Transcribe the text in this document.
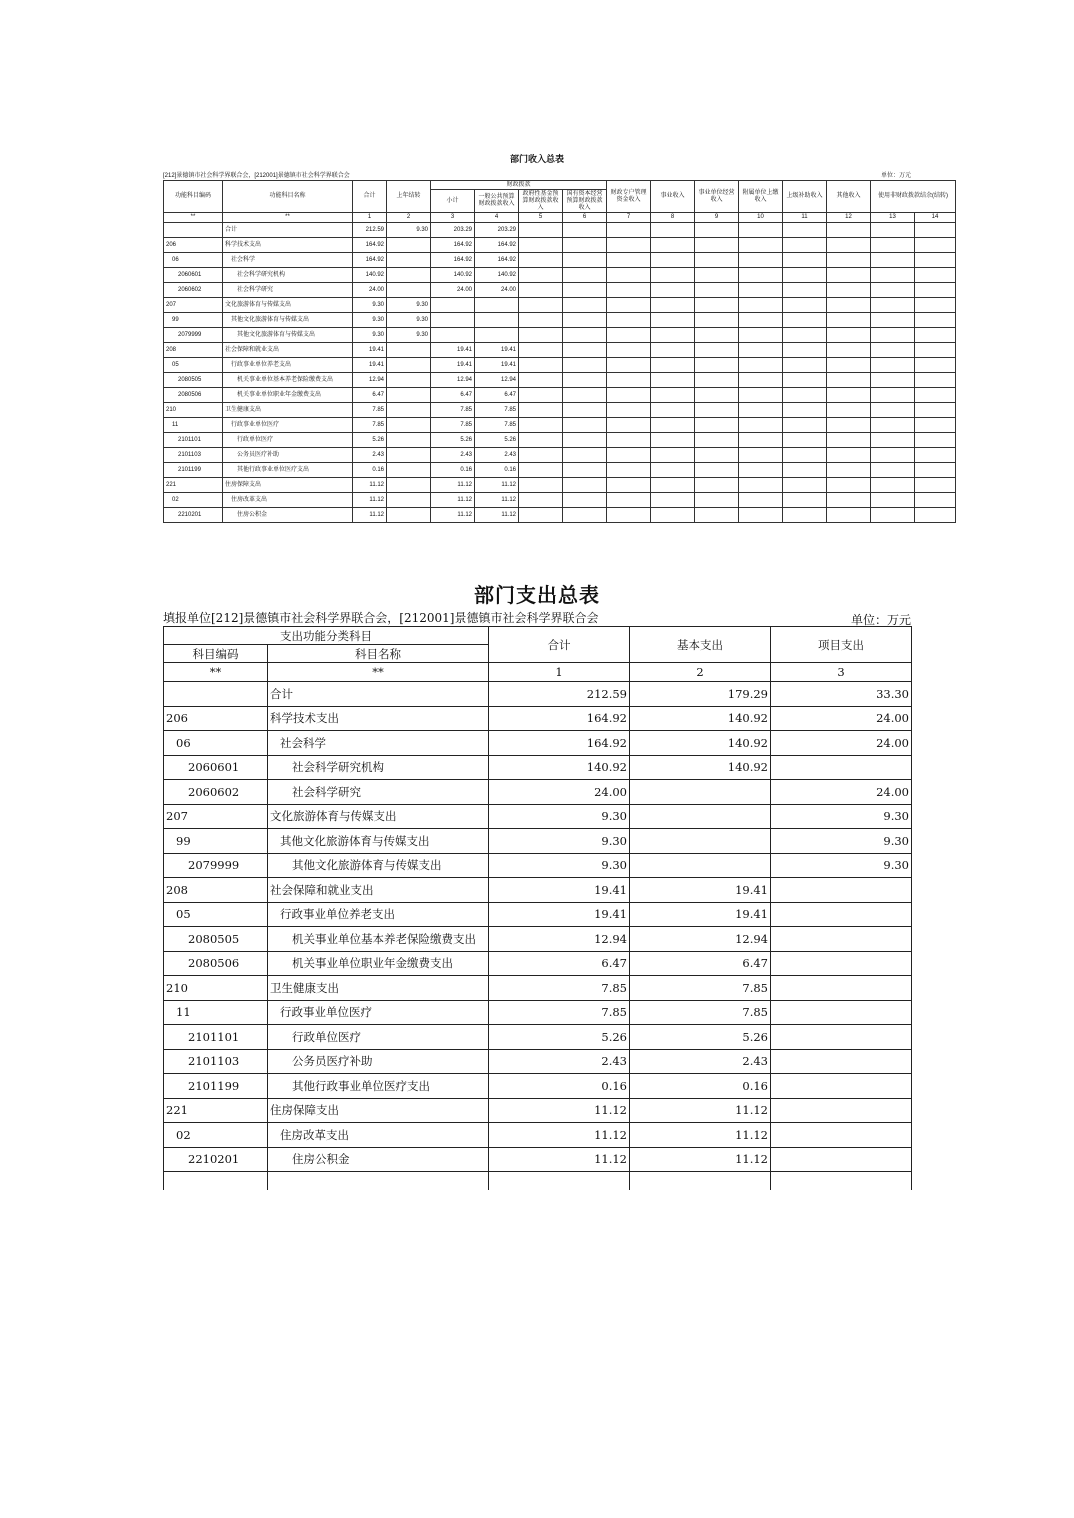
部门收入总表
[212]景德镇市社会科学界联合会，[212001]景德镇市社会科学界联合会	单位：万元
功能科目编码	功能科目名称	合计	上年结转	财政拨款				财政专户管理资金收入	事业收入	事业单位经营收入	附属单位上缴收入	上级补助收入	其他收入	使用非财政拨款结余(结转)	
				小计	一般公共预算财政拨款收入	政府性基金预算财政拨款收入	国有资本经营预算财政拨款收入								
**	**	1	2	3	4	5	6	7	8	9	10	11	12	13	14
	合计	212.59	9.30	203.29	203.29										
206	科学技术支出	164.92		164.92	164.92										
06	社会科学	164.92		164.92	164.92										
2060601	社会科学研究机构	140.92		140.92	140.92										
2060602	社会科学研究	24.00		24.00	24.00										
207	文化旅游体育与传媒支出	9.30	9.30												
99	其他文化旅游体育与传媒支出	9.30	9.30												
2079999	其他文化旅游体育与传媒支出	9.30	9.30												
208	社会保障和就业支出	19.41		19.41	19.41										
05	行政事业单位养老支出	19.41		19.41	19.41										
2080505	机关事业单位基本养老保险缴费支出	12.94		12.94	12.94										
2080506	机关事业单位职业年金缴费支出	6.47		6.47	6.47										
210	卫生健康支出	7.85		7.85	7.85										
11	行政事业单位医疗	7.85		7.85	7.85										
2101101	行政单位医疗	5.26		5.26	5.26										
2101103	公务员医疗补助	2.43		2.43	2.43										
2101199	其他行政事业单位医疗支出	0.16		0.16	0.16										
221	住房保障支出	11.12		11.12	11.12										
02	住房改革支出	11.12		11.12	11.12										
2210201	住房公积金	11.12		11.12	11.12										
部门支出总表
填报单位[212]景德镇市社会科学界联合会，[212001]景德镇市社会科学界联合会	单位：万元
支出功能分类科目		合计	基本支出	项目支出
科目编码	科目名称			
**	**	1	2	3
	合计	212.59	179.29	33.30
206	科学技术支出	164.92	140.92	24.00
06	社会科学	164.92	140.92	24.00
2060601	社会科学研究机构	140.92	140.92	
2060602	社会科学研究	24.00		24.00
207	文化旅游体育与传媒支出	9.30		9.30
99	其他文化旅游体育与传媒支出	9.30		9.30
2079999	其他文化旅游体育与传媒支出	9.30		9.30
208	社会保障和就业支出	19.41	19.41	
05	行政事业单位养老支出	19.41	19.41	
2080505	机关事业单位基本养老保险缴费支出	12.94	12.94	
2080506	机关事业单位职业年金缴费支出	6.47	6.47	
210	卫生健康支出	7.85	7.85	
11	行政事业单位医疗	7.85	7.85	
2101101	行政单位医疗	5.26	5.26	
2101103	公务员医疗补助	2.43	2.43	
2101199	其他行政事业单位医疗支出	0.16	0.16	
221	住房保障支出	11.12	11.12	
02	住房改革支出	11.12	11.12	
2210201	住房公积金	11.12	11.12	
